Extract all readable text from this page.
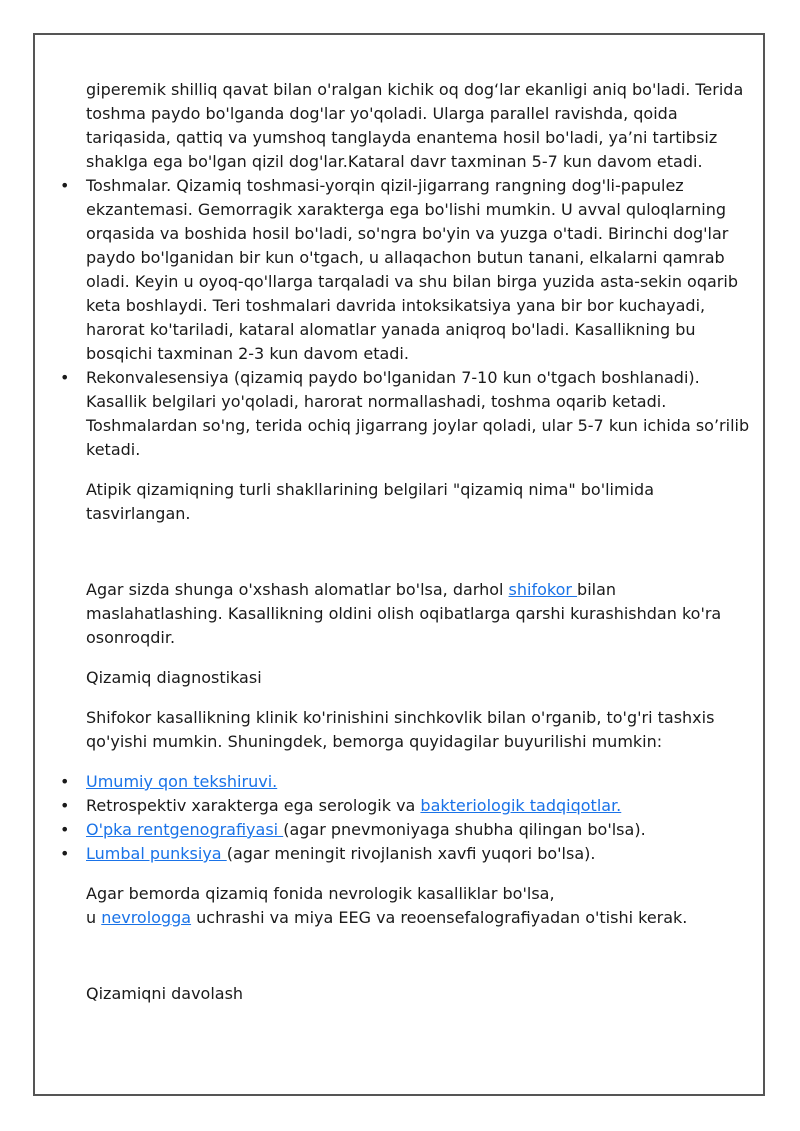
giperemik shilliq qavat bilan o'ralgan kichik oq dog‘lar ekanligi aniq bo'ladi. Terida toshma paydo bo'lganda dog'lar yo'qoladi. Ularga parallel ravishda, qoida tariqasida, qattiq va yumshoq tanglayda enantema hosil bo'ladi, ya’ni tartibsiz shaklga ega bo'lgan qizil dog'lar.Kataral davr taxminan 5-7 kun davom etadi.

• Toshmalar. Qizamiq toshmasi-yorqin qizil-jigarrang rangning dog'li-papulez ekzantemasi. Gemorragik xarakterga ega bo'lishi mumkin. U avval quloqlarning orqasida va boshida hosil bo'ladi, so'ngra bo'yin va yuzga o'tadi. Birinchi dog'lar paydo bo'lganidan bir kun o'tgach, u allaqachon butun tanani, elkalarni qamrab oladi. Keyin u oyoq-qo'llarga tarqaladi va shu bilan birga yuzida asta-sekin oqarib keta boshlaydi. Teri toshmalari davrida intoksikatsiya yana bir bor kuchayadi, harorat ko'tariladi, kataral alomatlar yanada aniqroq bo'ladi. Kasallikning bu bosqichi taxminan 2-3 kun davom etadi.
• Rekonvalesensiya (qizamiq paydo bo'lganidan 7-10 kun o'tgach boshlanadi). Kasallik belgilari yo'qoladi, harorat normallashadi, toshma oqarib ketadi. Toshmalardan so'ng, terida ochiq jigarrang joylar qoladi, ular 5-7 kun ichida so’rilib ketadi.

Atipik qizamiqning turli shakllarining belgilari "qizamiq nima" bo'limida tasvirlangan.

Agar sizda shunga o'xshash alomatlar bo'lsa, darhol shifokor bilan maslahatlashing. Kasallikning oldini olish oqibatlarga qarshi kurashishdan ko'ra osonroqdir.

Qizamiq diagnostikasi

Shifokor kasallikning klinik ko'rinishini sinchkovlik bilan o'rganib, to'g'ri tashxis qo'yishi mumkin. Shuningdek, bemorga quyidagilar buyurilishi mumkin:

• Umumiy qon tekshiruvi.
• Retrospektiv xarakterga ega serologik va bakteriologik tadqiqotlar.
• O'pka rentgenografiyasi (agar pnevmoniyaga shubha qilingan bo'lsa).
• Lumbal punksiya (agar meningit rivojlanish xavfi yuqori bo'lsa).

Agar bemorda qizamiq fonida nevrologik kasalliklar bo'lsa,
u nevrologga uchrashi va miya EEG va reoensefalografiyadan o'tishi kerak.

Qizamiqni davolash
